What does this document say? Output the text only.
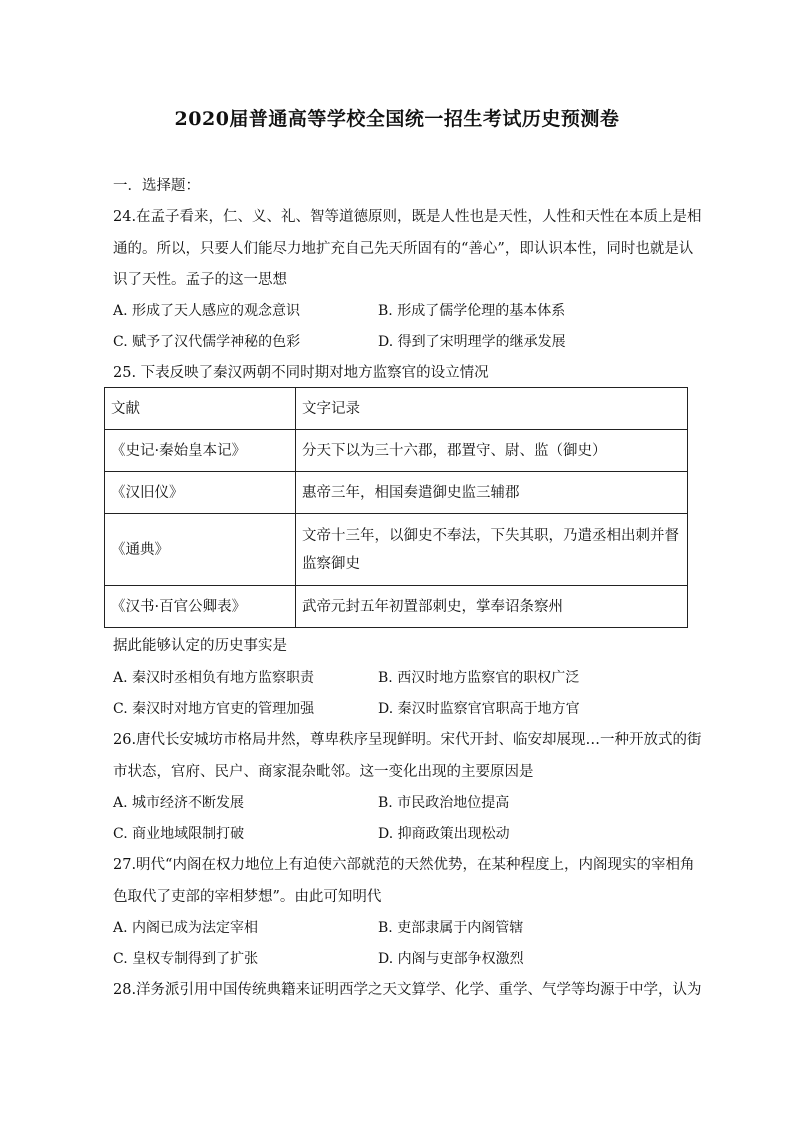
2020届普通高等学校全国统一招生考试历史预测卷
一．选择题：
24.在孟子看来，仁、义、礼、智等道德原则，既是人性也是天性，人性和天性在本质上是相
通的。所以，只要人们能尽力地扩充自己先天所固有的“善心”，即认识本性，同时也就是认
识了天性。孟子的这一思想
A. 形成了天人感应的观念意识	B. 形成了儒学伦理的基本体系
C. 赋予了汉代儒学神秘的色彩	D. 得到了宋明理学的继承发展
25. 下表反映了秦汉两朝不同时期对地方监察官的设立情况
文献	文字记录
《史记·秦始皇本记》	分天下以为三十六郡，郡置守、尉、监（御史）
《汉旧仪》	惠帝三年，相国奏遣御史监三辅郡
《通典》	文帝十三年，以御史不奉法，下失其职，乃遣丞相出刺并督监察御史
《汉书·百官公卿表》	武帝元封五年初置部刺史，掌奉诏条察州
据此能够认定的历史事实是
A. 秦汉时丞相负有地方监察职责	B. 西汉时地方监察官的职权广泛
C. 秦汉时对地方官吏的管理加强	D. 秦汉时监察官官职高于地方官
26.唐代长安城坊市格局井然，尊卑秩序呈现鲜明。宋代开封、临安却展现…一种开放式的街
市状态，官府、民户、商家混杂毗邻。这一变化出现的主要原因是
A. 城市经济不断发展	B. 市民政治地位提高
C. 商业地域限制打破	D. 抑商政策出现松动
27.明代“内阁在权力地位上有迫使六部就范的天然优势，在某种程度上，内阁现实的宰相角
色取代了吏部的宰相梦想”。由此可知明代
A. 内阁已成为法定宰相	B. 吏部隶属于内阁管辖
C. 皇权专制得到了扩张	D. 内阁与吏部争权激烈
28.洋务派引用中国传统典籍来证明西学之天文算学、化学、重学、气学等均源于中学，认为
